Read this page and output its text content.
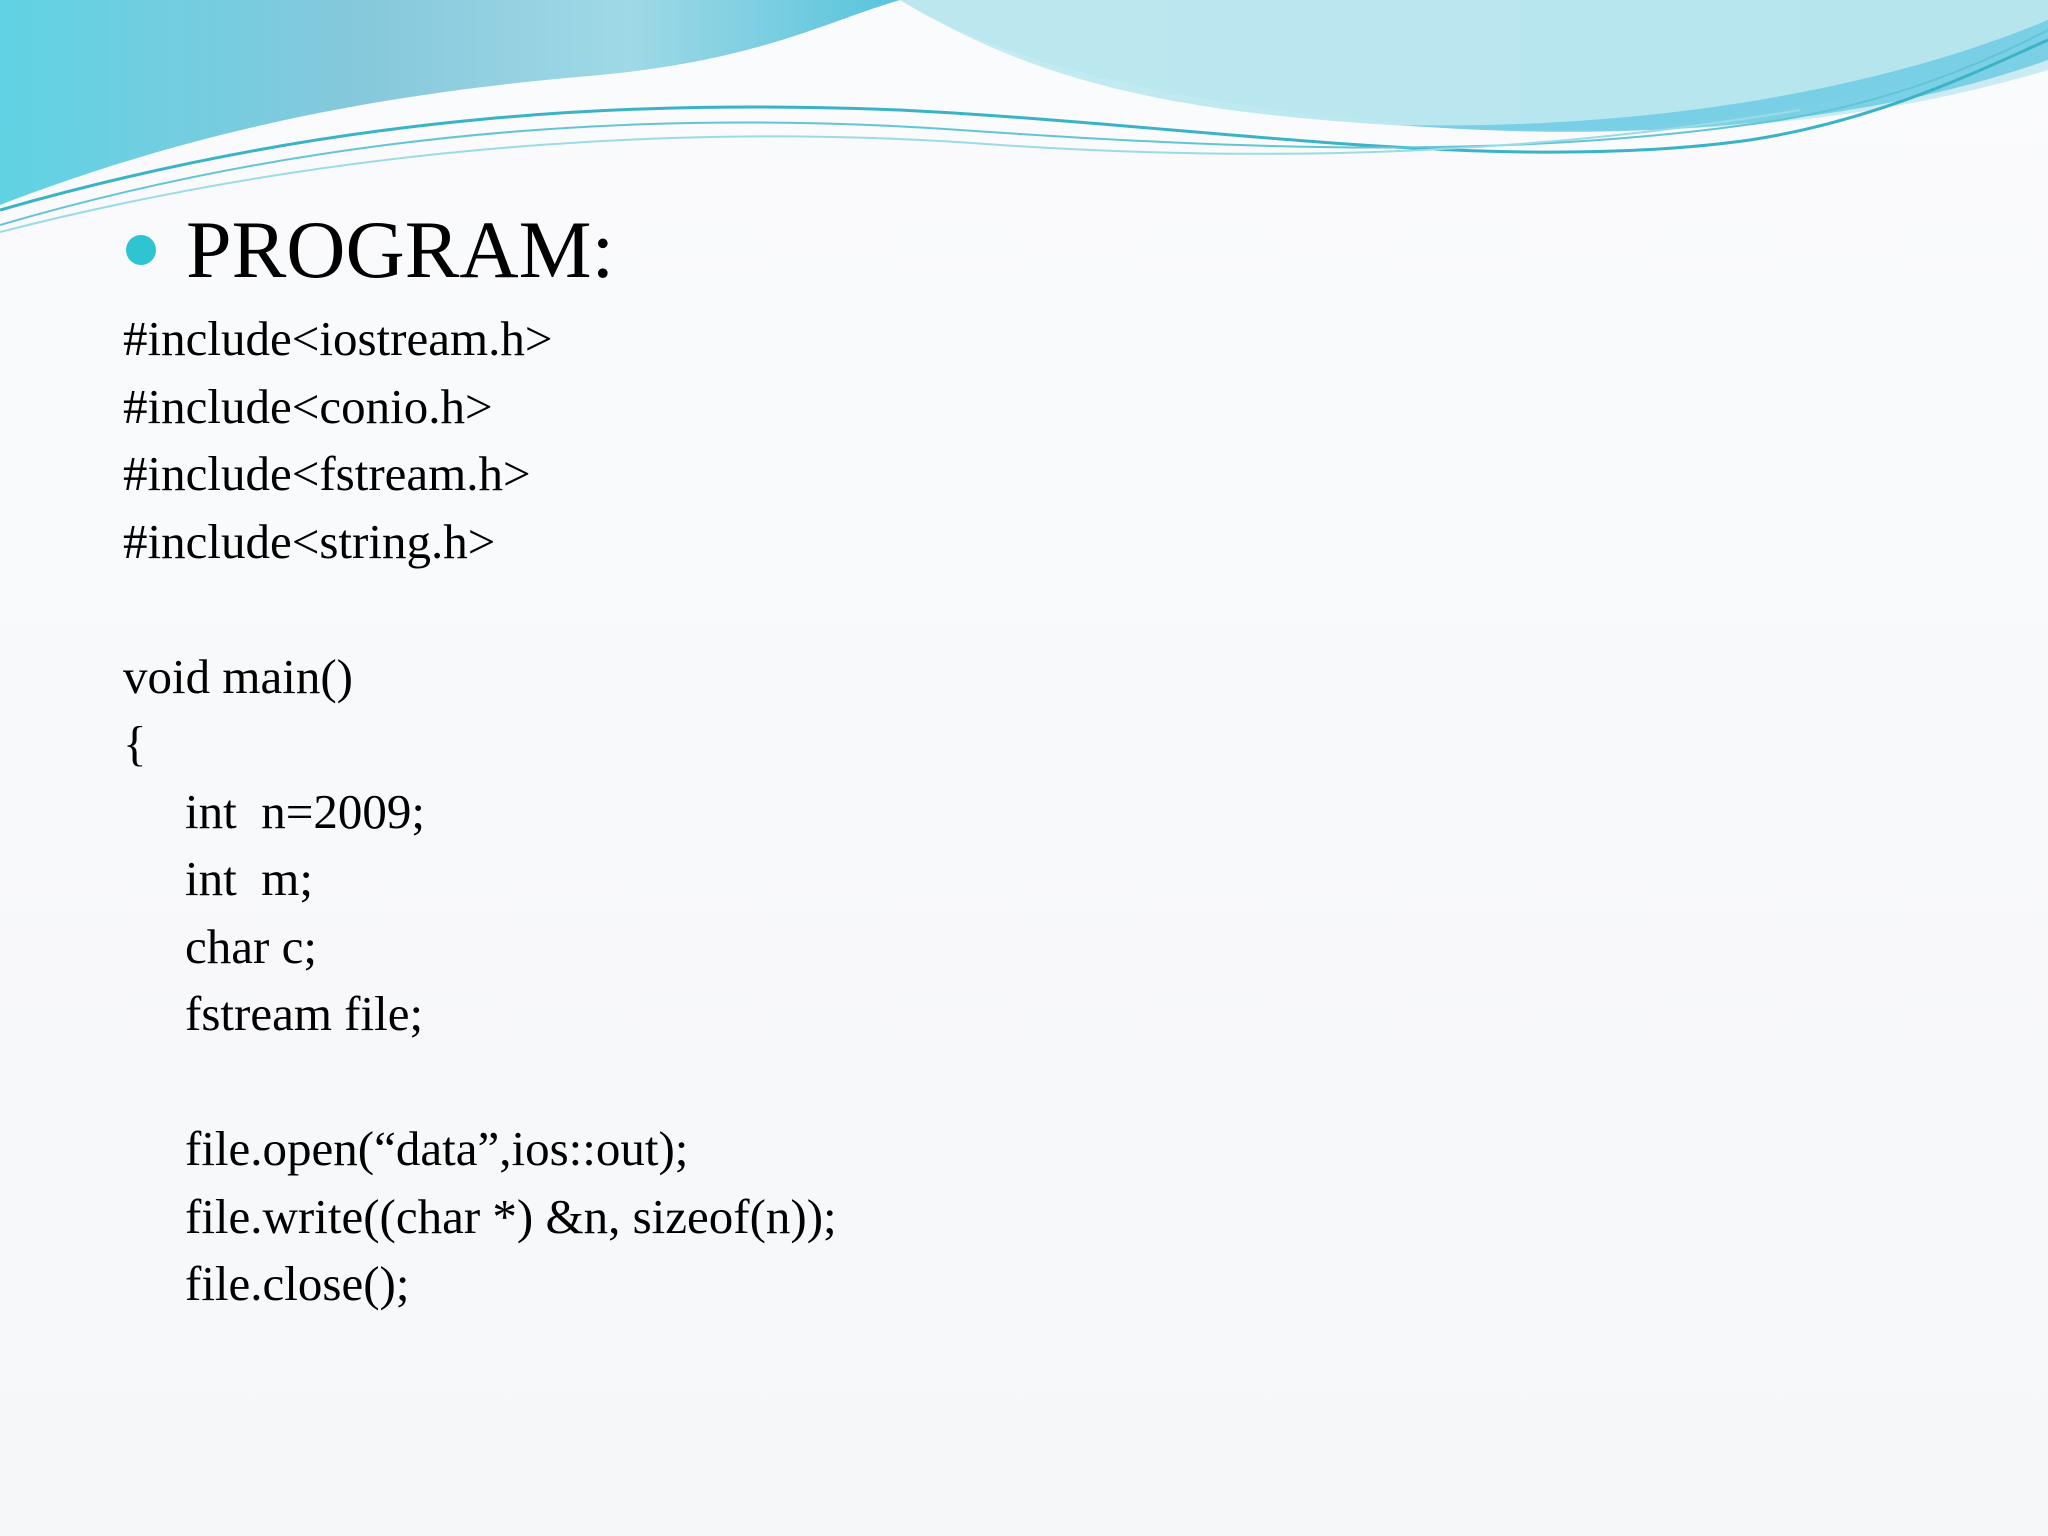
PROGRAM:
#include<iostream.h>
#include<conio.h>
#include<fstream.h>
#include<string.h>
void main()
{
int  n=2009;
int  m;
char c;
fstream file;
file.open(“data”,ios::out);
file.write((char *) &n, sizeof(n));
file.close();
